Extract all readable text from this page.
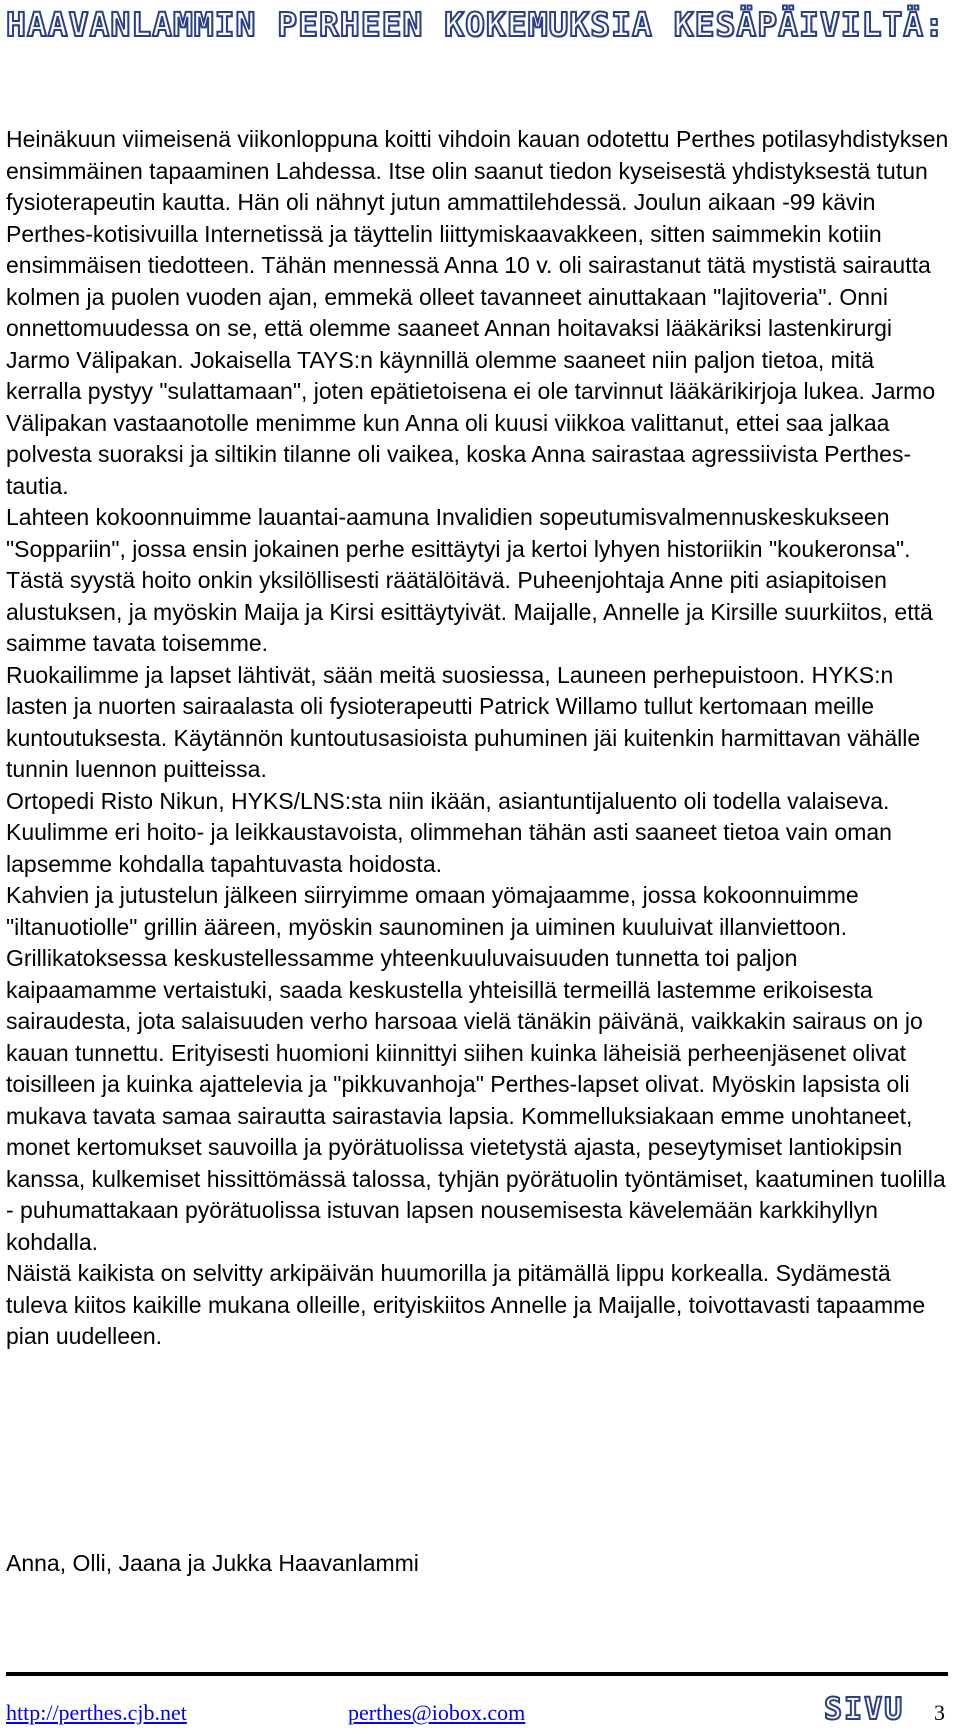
HAAVANLAMMIN PERHEEN KOKEMUKSIA KESÄPÄIVILTÄ:

Heinäkuun viimeisenä viikonloppuna koitti vihdoin kauan odotettu Perthes potilasyhdistyksen ensimmäinen tapaaminen Lahdessa. Itse olin saanut tiedon kyseisestä yhdistyksestä tutun fysioterapeutin kautta. Hän oli nähnyt jutun ammattilehdessä. Joulun aikaan -99 kävin Perthes-kotisivuilla Internetissä ja täyttelin liittymiskaavakkeen, sitten saimmekin kotiin ensimmäisen tiedotteen. Tähän mennessä Anna 10 v. oli sairastanut tätä mystistä sairautta kolmen ja puolen vuoden ajan, emmekä olleet tavanneet ainuttakaan "lajitoveria". Onni onnettomuudessa on se, että olemme saaneet Annan hoitavaksi lääkäriksi lastenkirurgi Jarmo Välipakan. Jokaisella TAYS:n käynnillä olemme saaneet niin paljon tietoa, mitä kerralla pystyy "sulattamaan", joten epätietoisena ei ole tarvinnut lääkärikirjoja lukea. Jarmo Välipakan vastaanotolle menimme kun Anna oli kuusi viikkoa valittanut, ettei saa jalkaa polvesta suoraksi ja siltikin tilanne oli vaikea, koska Anna sairastaa agressiivista Perthes-tautia.

Lahteen kokoonnuimme lauantai-aamuna Invalidien sopeutumisvalmennuskeskukseen "Soppariin", jossa ensin jokainen perhe esittäytyi ja kertoi lyhyen historiikin "koukeronsa". Tästä syystä hoito onkin yksilöllisesti räätälöitävä. Puheenjohtaja Anne piti asiapitoisen alustuksen, ja myöskin Maija ja Kirsi esittäytyivät. Maijalle, Annelle ja Kirsille suurkiitos, että saimme tavata toisemme.

Ruokailimme ja lapset lähtivät, sään meitä suosiessa, Launeen perhepuistoon. HYKS:n lasten ja nuorten sairaalasta oli fysioterapeutti Patrick Willamo tullut kertomaan meille kuntoutuksesta. Käytännön kuntoutusasioista puhuminen jäi kuitenkin harmittavan vähälle tunnin luennon puitteissa.

Ortopedi Risto Nikun, HYKS/LNS:sta niin ikään, asiantuntijaluento oli todella valaiseva. Kuulimme eri hoito- ja leikkaustavoista, olimmehan tähän asti saaneet tietoa vain oman lapsemme kohdalla tapahtuvasta hoidosta.

Kahvien ja jutustelun jälkeen siirryimme omaan yömajaamme, jossa kokoonnuimme "iltanuotiolle" grillin ääreen, myöskin saunominen ja uiminen kuuluivat illanviettoon.

Grillikatoksessa keskustellessamme yhteenkuuluvaisuuden tunnetta toi paljon kaipaamamme vertaistuki, saada keskustella yhteisillä termeillä lastemme erikoisesta sairaudesta, jota salaisuuden verho harsoaa vielä tänäkin päivänä, vaikkakin sairaus on jo kauan tunnettu. Erityisesti huomioni kiinnittyi siihen kuinka läheisiä perheenjäsenet olivat toisilleen ja kuinka ajattelevia ja "pikkuvanhoja" Perthes-lapset olivat. Myöskin lapsista oli mukava tavata samaa sairautta sairastavia lapsia. Kommelluksiakaan emme unohtaneet, monet kertomukset sauvoilla ja pyörätuolissa vietetystä ajasta, peseytymiset lantiokipsin kanssa, kulkemiset hissittömässä talossa, tyhjän pyörätuolin työntämiset, kaatuminen tuolilla - puhumattakaan pyörätuolissa istuvan lapsen nousemisesta kävelemään karkkihyllyn kohdalla.

Näistä kaikista on selvitty arkipäivän huumorilla ja pitämällä lippu korkealla. Sydämestä tuleva kiitos kaikille mukana olleille, erityiskiitos Annelle ja Maijalle, toivottavasti tapaamme pian uudelleen.

Anna, Olli, Jaana ja Jukka Haavanlammi
http://perthes.cjb.net	perthes@iobox.com	SIVU 3
